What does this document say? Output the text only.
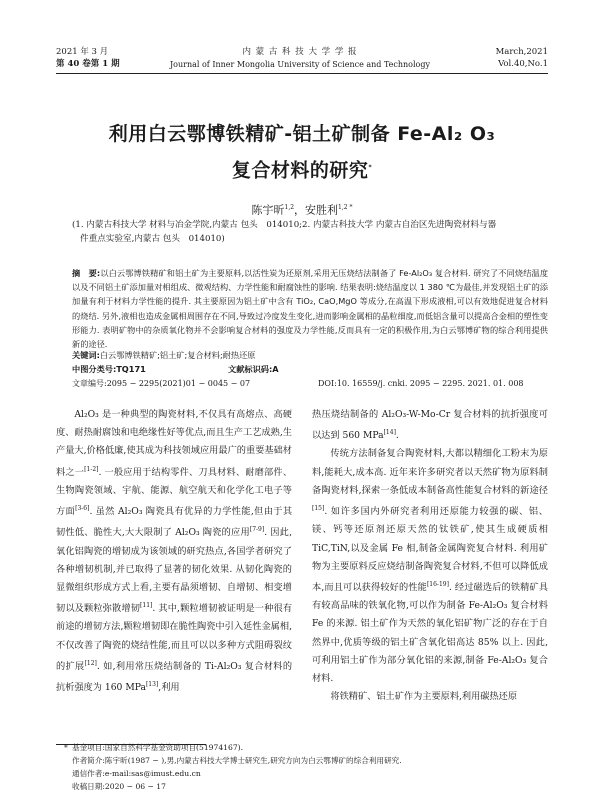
2021 年 3 月
第 40 卷第 1 期
内 蒙 古 科 技 大 学 学 报
Journal of Inner Mongolia University of Science and Technology
March,2021
Vol.40,No.1
利用白云鄂博铁精矿-铝土矿制备 Fe-Al₂ O₃
复合材料的研究*
陈宇昕$^{1,2}$，安胜利$^{1,2 *}$
(1. 内蒙古科技大学 材料与冶金学院,内蒙古 包头　014010;2. 内蒙古科技大学 内蒙古自治区先进陶瓷材料与器
件重点实验室,内蒙古 包头　014010)
摘　要:以白云鄂博铁精矿和铝土矿为主要原料,以活性炭为还原剂,采用无压烧结法制备了 Fe-Al₂O₃ 复合材料. 研究了不同烧结温度以及不同铝土矿添加量对相组成、微观结构、力学性能和耐腐蚀性的影响. 结果表明:烧结温度以 1 380 ℃为最佳,并发现铝土矿的添加量有利于材料力学性能的提升. 其主要原因为铝土矿中含有 TiO₂, CaO,MgO 等成分,在高温下形成液相,可以有效地促进复合材料的烧结. 另外,液相也造成金属相周围存在不同,导致过冷度发生变化,进而影响金属相的晶粒细度,而低铝含量可以提高合金相的塑性变形能力. 表明矿物中的杂质氧化物并不会影响复合材料的强度及力学性能,反而具有一定的积极作用,为白云鄂博矿物的综合利用提供新的途径.
关键词:白云鄂博铁精矿;铝土矿;复合材料;耐热还原
中图分类号:TQ171	文献标识码:A
文章编号:2095 − 2295(2021)01 − 0045 − 07	DOI:10. 16559/j. cnki. 2095 − 2295. 2021. 01. 008

Al₂O₃ 是一种典型的陶瓷材料,不仅具有高熔点、高硬度、耐热耐腐蚀和电绝缘性好等优点,而且生产工艺成熟,生产量大,价格低廉,使其成为科技领域应用最广的重要基础材料之一[1-2]. 一般应用于结构零件、刀具材料、耐磨部件、生物陶瓷领域、宇航、能源、航空航天和化学化工电子等方面[3-6]. 虽然 Al₂O₃ 陶瓷具有优异的力学性能,但由于其韧性低、脆性大,大大限制了 Al₂O₃ 陶瓷的应用[7-9]. 因此,氧化铝陶瓷的增韧成为该领域的研究热点,各国学者研究了各种增韧机制,并已取得了显著的韧化效果. 从韧化陶瓷的显微组织形成方式上看,主要有晶须增韧、自增韧、相变增韧以及颗粒弥散增韧[11]. 其中,颗粒增韧被证明是一种很有前途的增韧方法,颗粒增韧即在脆性陶瓷中引入延性金属相,不仅改善了陶瓷的烧结性能,而且可以以多种方式阻碍裂纹的扩展[12]. 如,利用常压烧结制备的 Ti-Al₂O₃ 复合材料的抗析强度为 160 MPa[13],利用

热压烧结制备的 Al₂O₃-W-Mo-Cr 复合材料的抗折强度可以达到 560 MPa[14].

传统方法制备复合陶瓷材料,大都以精细化工粉末为原料,能耗大,成本高. 近年来许多研究者以天然矿物为原料制备陶瓷材料,探索一条低成本制备高性能复合材料的新途径[15]. 如许多国内外研究者利用还原能力较强的碳、铝、镁、钙等还原剂还原天然的钛铁矿,使其生成硬质相 TiC,TiN,以及金属 Fe 相,制备金属陶瓷复合材料. 利用矿物为主要原料反应烧结制备陶瓷复合材料,不但可以降低成本,而且可以获得较好的性能[16-19]. 经过磁选后的铁精矿具有较高品味的铁氧化物,可以作为制备 Fe-Al₂O₃ 复合材料 Fe 的来源. 铝土矿作为天然的氧化铝矿物广泛的存在于自然界中,优质等级的铝土矿含氧化铝高达 85% 以上. 因此,可利用铝土矿作为部分氧化铝的来源,制备 Fe-Al₂O₃ 复合材料.

将铁精矿、铝土矿作为主要原料,利用碳热还原

* 基金项目:国家自然科学基金资助项目(51974167).
作者简介:陈宇昕(1987 − ),男,内蒙古科技大学博士研究生,研究方向为白云鄂博矿的综合利用研究.
通信作者:e-mail:sas@imust.edu.cn
收稿日期:2020 − 06 − 17
